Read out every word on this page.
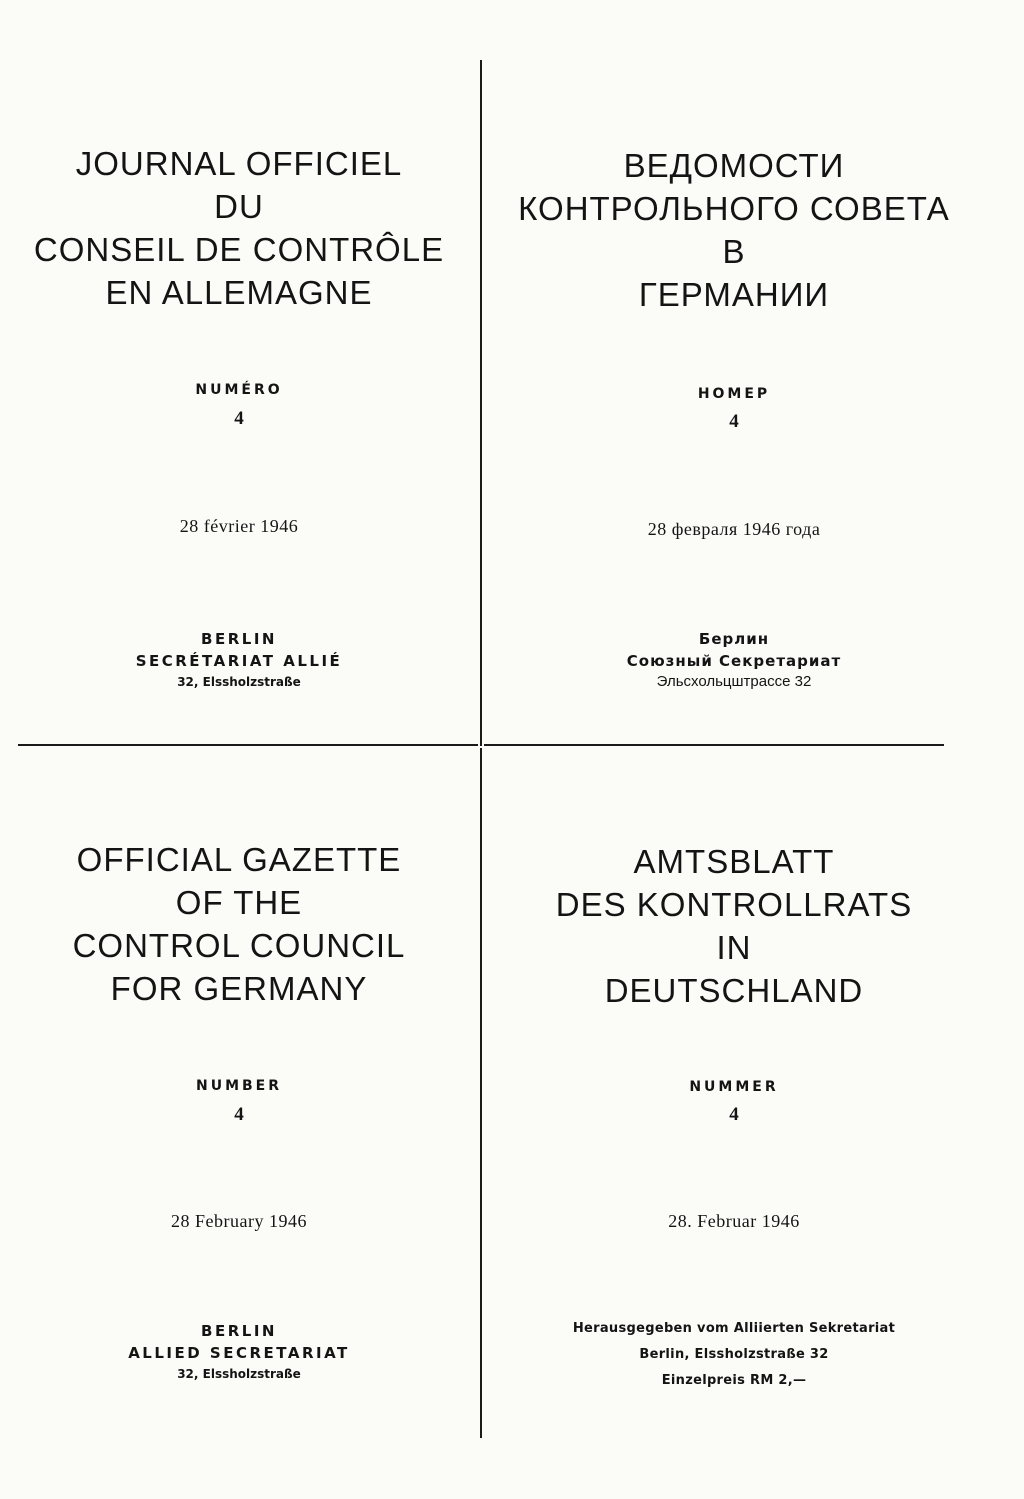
JOURNAL OFFICIEL
DU
CONSEIL DE CONTRÔLE
EN ALLEMAGNE
NUMÉRO
4
28 février 1946
BERLIN
SECRÉTARIAT ALLIÉ
32, Elssholzstraße
ВЕДОМОСТИ
КОНТРОЛЬНОГО СОВЕТА
В
ГЕРМАНИИ
НОМЕР
4
28 февраля 1946 года
Берлин
Союзный Секретариат
Эльсхольцштрассе 32
OFFICIAL GAZETTE
OF THE
CONTROL COUNCIL
FOR GERMANY
NUMBER
4
28 February 1946
BERLIN
ALLIED SECRETARIAT
32, Elssholzstraße
AMTSBLATT
DES KONTROLLRATS
IN
DEUTSCHLAND
NUMMER
4
28. Februar 1946
Herausgegeben vom Alliierten Sekretariat
Berlin, Elssholzstraße 32
Einzelpreis RM 2,—
